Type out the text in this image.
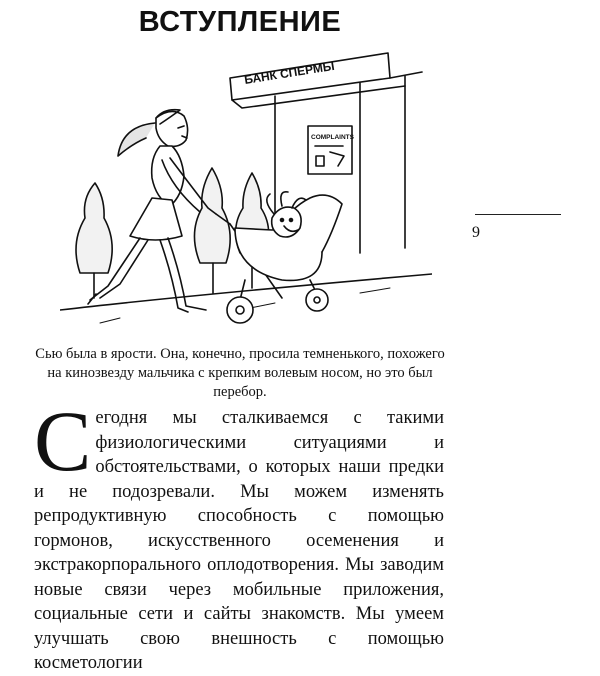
ВСТУПЛЕНИЕ
БАНК СПЕРМЫ
COMPLAINTS

Сью была в ярости. Она, конечно, просила темненького, похожего на кинозвезду мальчика с крепким волевым носом, но это был перебор.

9

Сегодня мы сталкиваемся с такими физиологическими ситуациями и обстоятельствами, о которых наши предки и не подозревали. Мы можем изменять репродуктивную способность с помощью гормонов, искусственного осеменения и экстракорпорального оплодотворения. Мы заводим новые связи через мобильные приложения, социальные сети и сайты знакомств. Мы умеем улучшать свою внешность с помощью косметологии
